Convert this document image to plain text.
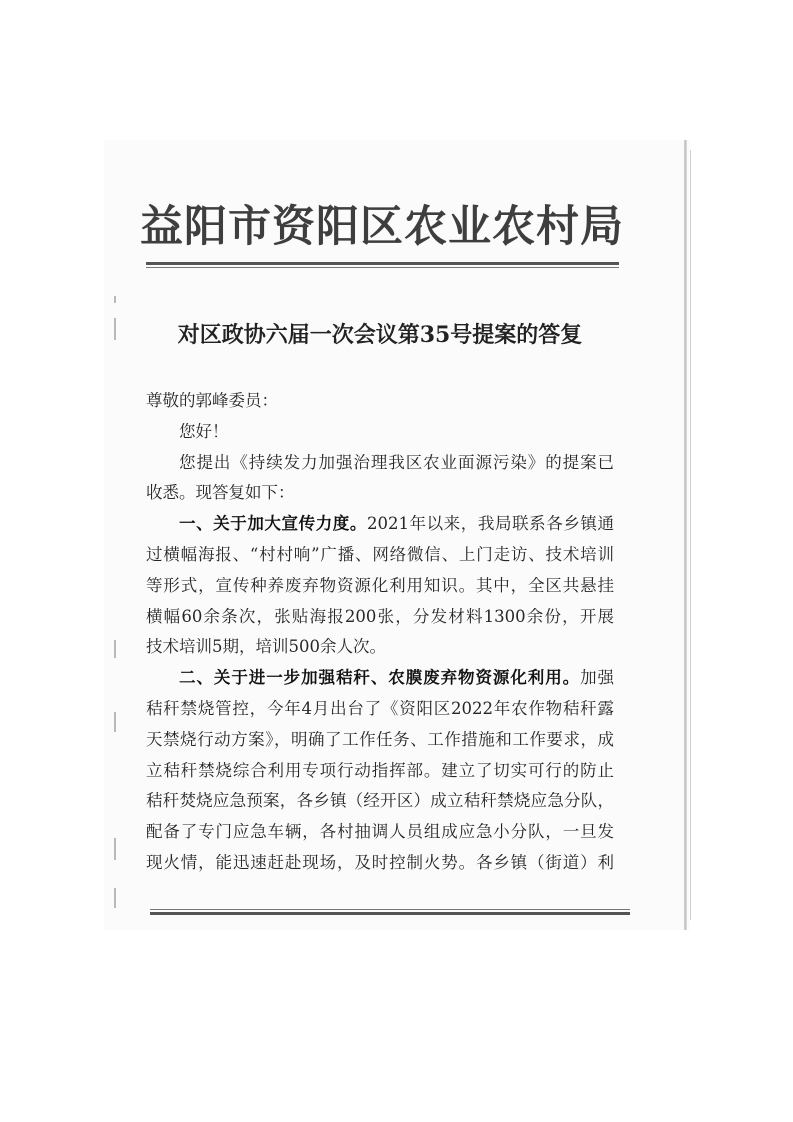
益阳市资阳区农业农村局
对区政协六届一次会议第35号提案的答复

尊敬的郭峰委员：

您好！

您提出《持续发力加强治理我区农业面源污染》的提案已

收悉。现答复如下：

一、关于加大宣传力度。2021年以来，我局联系各乡镇通

过横幅海报、“村村响”广播、网络微信、上门走访、技术培训

等形式，宣传种养废弃物资源化利用知识。其中，全区共悬挂

横幅60余条次，张贴海报200张，分发材料1300余份，开展

技术培训5期，培训500余人次。

二、关于进一步加强秸秆、农膜废弃物资源化利用。加强

秸秆禁烧管控，今年4月出台了《资阳区2022年农作物秸秆露

天禁烧行动方案》，明确了工作任务、工作措施和工作要求，成

立秸秆禁烧综合利用专项行动指挥部。建立了切实可行的防止

秸秆焚烧应急预案，各乡镇（经开区）成立秸秆禁烧应急分队，

配备了专门应急车辆，各村抽调人员组成应急小分队，一旦发

现火情，能迅速赶赴现场，及时控制火势。各乡镇（街道）利
